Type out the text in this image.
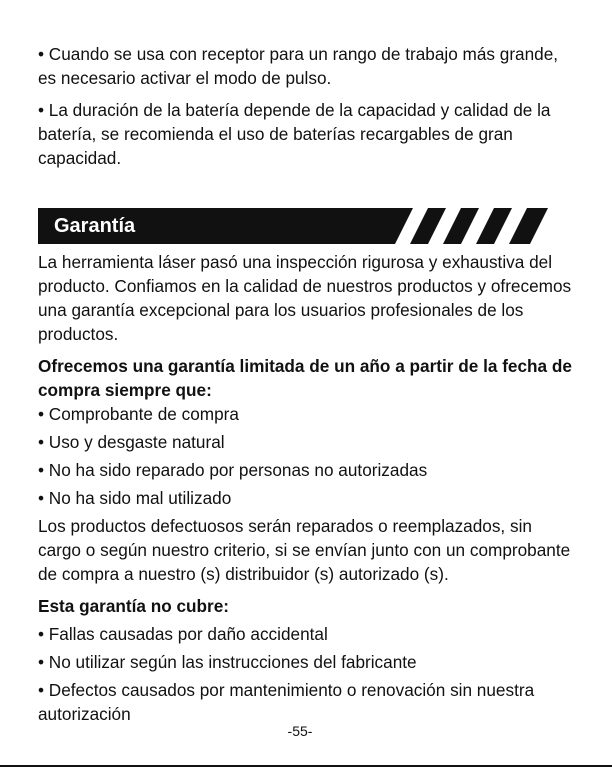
• Cuando se usa con receptor para un rango de trabajo más grande, es necesario activar el modo de pulso.

• La duración de la batería depende de la capacidad y calidad de la batería, se recomienda el uso de baterías recargables de gran capacidad.

Garantía

La herramienta láser pasó una inspección rigurosa y exhaustiva del producto. Confiamos en la calidad de nuestros productos y ofrecemos una garantía excepcional para los usuarios profesionales de los productos.

Ofrecemos una garantía limitada de un año a partir de la fecha de compra siempre que:

• Comprobante de compra

• Uso y desgaste natural

• No ha sido reparado por personas no autorizadas

• No ha sido mal utilizado

Los productos defectuosos serán reparados o reemplazados, sin cargo o según nuestro criterio, si se envían junto con un comprobante de compra a nuestro (s) distribuidor (s) autorizado (s).

Esta garantía no cubre:

• Fallas causadas por daño accidental

• No utilizar según las instrucciones del fabricante

• Defectos causados por mantenimiento o renovación sin nuestra autorización

-55-
